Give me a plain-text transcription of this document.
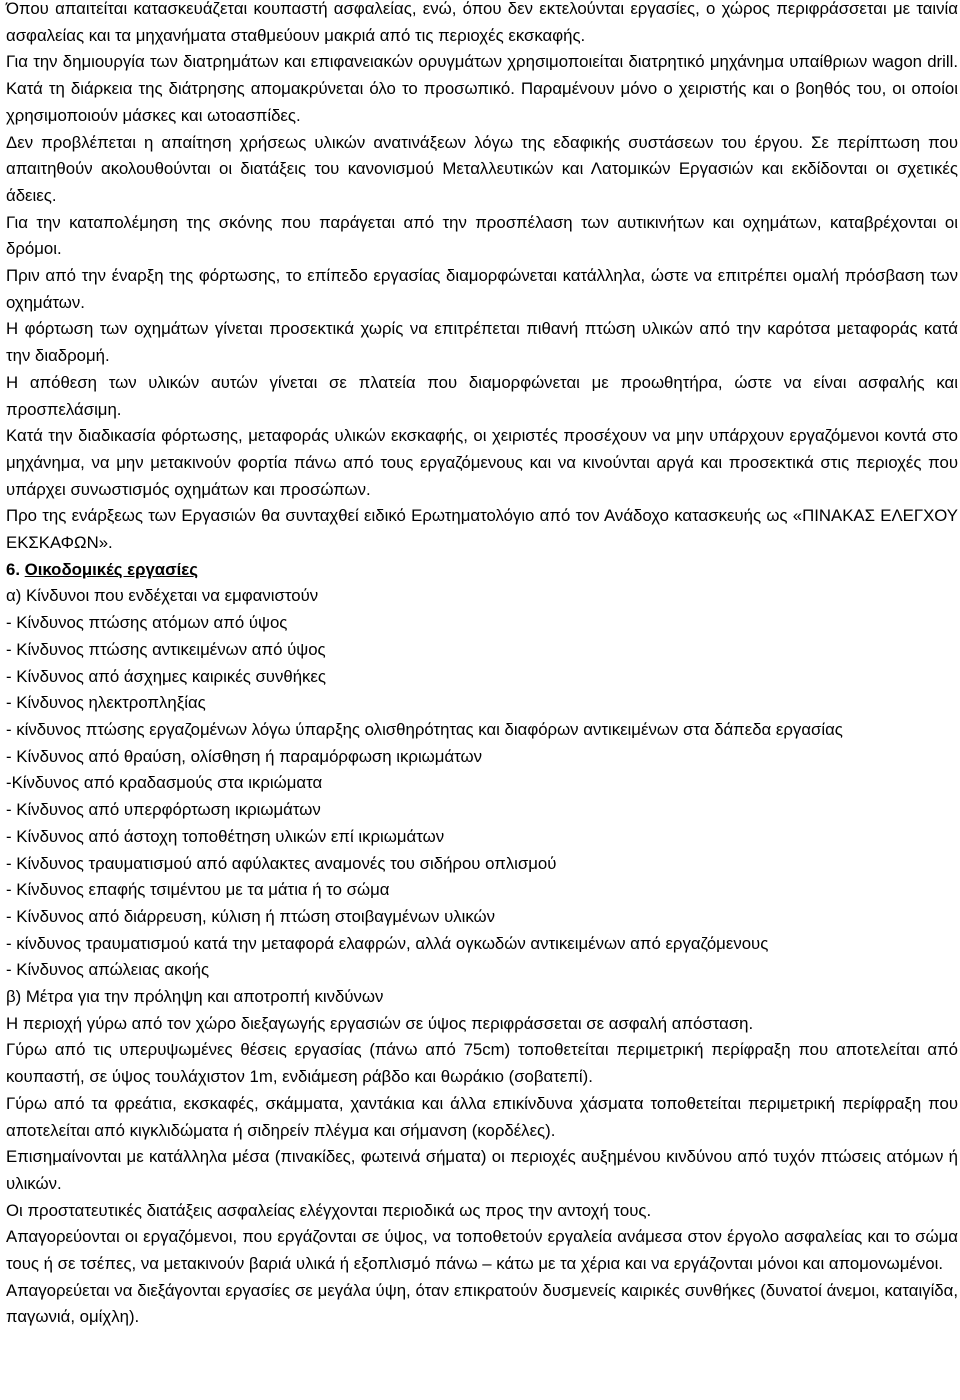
Όπου απαιτείται κατασκευάζεται κουπαστή ασφαλείας, ενώ, όπου δεν εκτελούνται εργασίες, ο χώρος περιφράσσεται με ταινία ασφαλείας και τα μηχανήματα σταθμεύουν μακριά από τις περιοχές εκσκαφής.

Για την δημιουργία των διατρημάτων και επιφανειακών ορυγμάτων χρησιμοποιείται διατρητικό μηχάνημα υπαίθριων wagon drill. Κατά τη διάρκεια της διάτρησης απομακρύνεται όλο το προσωπικό. Παραμένουν μόνο ο χειριστής και ο βοηθός του, οι οποίοι χρησιμοποιούν μάσκες και ωτοασπίδες.

Δεν προβλέπεται η απαίτηση χρήσεως υλικών ανατινάξεων λόγω της εδαφικής συστάσεων του έργου. Σε περίπτωση που απαιτηθούν ακολουθούνται οι διατάξεις του κανονισμού Μεταλλευτικών και Λατομικών Εργασιών και εκδίδονται οι σχετικές άδειες.

Για την καταπολέμηση της σκόνης που παράγεται από την προσπέλαση των αυτικινήτων και οχημάτων, καταβρέχονται οι δρόμοι.

Πριν από την έναρξη της φόρτωσης, το επίπεδο εργασίας διαμορφώνεται κατάλληλα, ώστε να επιτρέπει ομαλή πρόσβαση των οχημάτων.

Η φόρτωση των οχημάτων γίνεται προσεκτικά χωρίς να επιτρέπεται πιθανή πτώση υλικών από την καρότσα μεταφοράς κατά την διαδρομή.

Η απόθεση των υλικών αυτών γίνεται σε πλατεία που διαμορφώνεται με προωθητήρα, ώστε να είναι ασφαλής και προσπελάσιμη.

Κατά την διαδικασία φόρτωσης, μεταφοράς υλικών εκσκαφής, οι χειριστές προσέχουν να μην υπάρχουν εργαζόμενοι κοντά στο μηχάνημα, να μην μετακινούν φορτία πάνω από τους εργαζόμενους και να κινούνται αργά και προσεκτικά στις περιοχές που υπάρχει συνωστισμός οχημάτων και προσώπων.

Προ της ενάρξεως των Εργασιών θα συνταχθεί ειδικό Ερωτηματολόγιο από τον Ανάδοχο κατασκευής ως «ΠΙΝΑΚΑΣ ΕΛΕΓΧΟΥ ΕΚΣΚΑΦΩΝ».

6. Οικοδομικές εργασίες

α) Κίνδυνοι που ενδέχεται να εμφανιστούν

- Κίνδυνος πτώσης ατόμων από ύψος

- Κίνδυνος πτώσης αντικειμένων από ύψος

- Κίνδυνος από άσχημες καιρικές συνθήκες

- Κίνδυνος ηλεκτροπληξίας

- κίνδυνος πτώσης εργαζομένων λόγω ύπαρξης ολισθηρότητας και διαφόρων αντικειμένων στα δάπεδα εργασίας

- Κίνδυνος από θραύση, ολίσθηση ή παραμόρφωση ικριωμάτων

-Κίνδυνος από κραδασμούς στα ικριώματα

- Κίνδυνος από υπερφόρτωση ικριωμάτων

- Κίνδυνος από άστοχη τοποθέτηση υλικών επί ικριωμάτων

- Κίνδυνος τραυματισμού από αφύλακτες αναμονές του σιδήρου οπλισμού

- Κίνδυνος επαφής τσιμέντου με τα μάτια ή το σώμα

- Κίνδυνος από διάρρευση, κύλιση ή πτώση στοιβαγμένων υλικών

- κίνδυνος τραυματισμού κατά την μεταφορά ελαφρών, αλλά ογκωδών αντικειμένων από εργαζόμενους

- Κίνδυνος απώλειας ακοής

β) Μέτρα για την πρόληψη και αποτροπή κινδύνων

Η περιοχή γύρω από τον χώρο διεξαγωγής εργασιών σε ύψος περιφράσσεται σε ασφαλή απόσταση.

Γύρω από τις υπερυψωμένες θέσεις εργασίας (πάνω από 75cm) τοποθετείται περιμετρική περίφραξη που αποτελείται από κουπαστή, σε ύψος τουλάχιστον 1m, ενδιάμεση ράβδο και θωράκιο (σοβατεπί).

Γύρω από τα φρεάτια, εκσκαφές, σκάμματα, χαντάκια και άλλα επικίνδυνα χάσματα τοποθετείται περιμετρική περίφραξη που αποτελείται από κιγκλιδώματα ή σιδηρείν πλέγμα και σήμανση (κορδέλες).

Επισημαίνονται με κατάλληλα μέσα (πινακίδες, φωτεινά σήματα) οι περιοχές αυξημένου κινδύνου από τυχόν πτώσεις ατόμων ή υλικών.

Οι προστατευτικές διατάξεις ασφαλείας ελέγχονται περιοδικά ως προς την αντοχή τους.

Απαγορεύονται οι εργαζόμενοι, που εργάζονται σε ύψος, να τοποθετούν εργαλεία ανάμεσα στον έργολο ασφαλείας και το σώμα τους ή σε τσέπες, να μετακινούν βαριά υλικά ή εξοπλισμό πάνω – κάτω με τα χέρια και να εργάζονται μόνοι και απομονωμένοι.

Απαγορεύεται να διεξάγονται εργασίες σε μεγάλα ύψη, όταν επικρατούν δυσμενείς καιρικές συνθήκες (δυνατοί άνεμοι, καταιγίδα, παγωνιά, ομίχλη).
